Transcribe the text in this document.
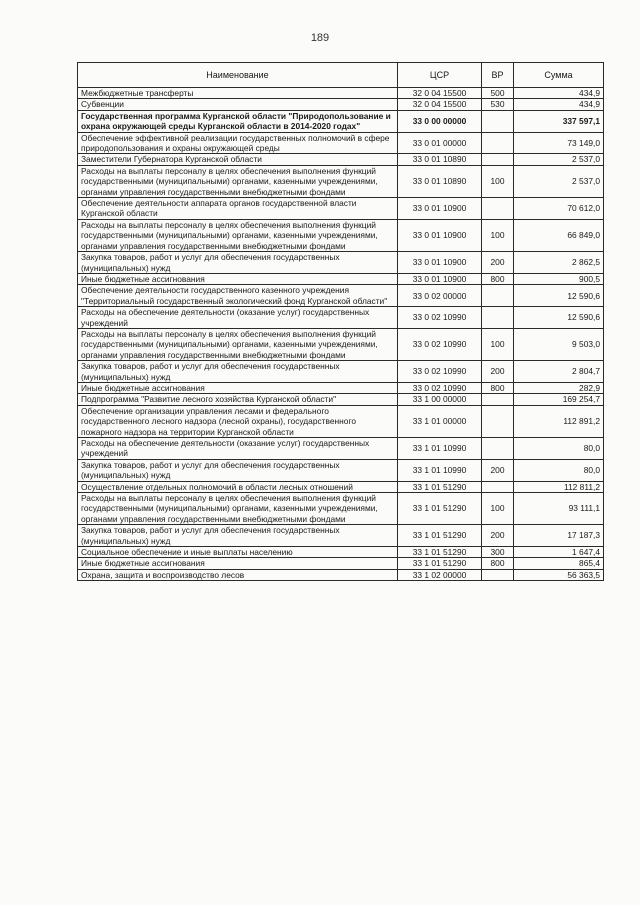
189
Наименование	ЦСР	ВР	Сумма
Межбюджетные трансферты	32 0 04 15500	500	434,9
Субвенции	32 0 04 15500	530	434,9
Государственная программа Курганской области "Природопользование и охрана окружающей среды Курганской области в 2014-2020 годах"	33 0 00 00000		337 597,1
Обеспечение эффективной реализации государственных полномочий в сфере природопользования и охраны окружающей среды	33 0 01 00000		73 149,0
Заместители Губернатора Курганской области	33 0 01 10890		2 537,0
Расходы на выплаты персоналу в целях обеспечения выполнения функций государственными (муниципальными) органами, казенными учреждениями, органами управления государственными внебюджетными фондами	33 0 01 10890	100	2 537,0
Обеспечение деятельности аппарата органов государственной власти Курганской области	33 0 01 10900		70 612,0
Расходы на выплаты персоналу в целях обеспечения выполнения функций государственными (муниципальными) органами, казенными учреждениями, органами управления государственными внебюджетными фондами	33 0 01 10900	100	66 849,0
Закупка товаров, работ и услуг для обеспечения государственных (муниципальных) нужд	33 0 01 10900	200	2 862,5
Иные бюджетные ассигнования	33 0 01 10900	800	900,5
Обеспечение деятельности государственного казенного учреждения "Территориальный государственный экологический фонд Курганской области"	33 0 02 00000		12 590,6
Расходы на обеспечение деятельности (оказание услуг) государственных учреждений	33 0 02 10990		12 590,6
Расходы на выплаты персоналу в целях обеспечения выполнения функций государственными (муниципальными) органами, казенными учреждениями, органами управления государственными внебюджетными фондами	33 0 02 10990	100	9 503,0
Закупка товаров, работ и услуг для обеспечения государственных (муниципальных) нужд	33 0 02 10990	200	2 804,7
Иные бюджетные ассигнования	33 0 02 10990	800	282,9
Подпрограмма "Развитие лесного хозяйства Курганской области"	33 1 00 00000		169 254,7
Обеспечение организации управления лесами и федерального государственного лесного надзора (лесной охраны), государственного пожарного надзора на территории Курганской области	33 1 01 00000		112 891,2
Расходы на обеспечение деятельности (оказание услуг) государственных учреждений	33 1 01 10990		80,0
Закупка товаров, работ и услуг для обеспечения государственных (муниципальных) нужд	33 1 01 10990	200	80,0
Осуществление отдельных полномочий в области лесных отношений	33 1 01 51290		112 811,2
Расходы на выплаты персоналу в целях обеспечения выполнения функций государственными (муниципальными) органами, казенными учреждениями, органами управления государственными внебюджетными фондами	33 1 01 51290	100	93 111,1
Закупка товаров, работ и услуг для обеспечения государственных (муниципальных) нужд	33 1 01 51290	200	17 187,3
Социальное обеспечение и иные выплаты населению	33 1 01 51290	300	1 647,4
Иные бюджетные ассигнования	33 1 01 51290	800	865,4
Охрана, защита и воспроизводство лесов	33 1 02 00000		56 363,5
